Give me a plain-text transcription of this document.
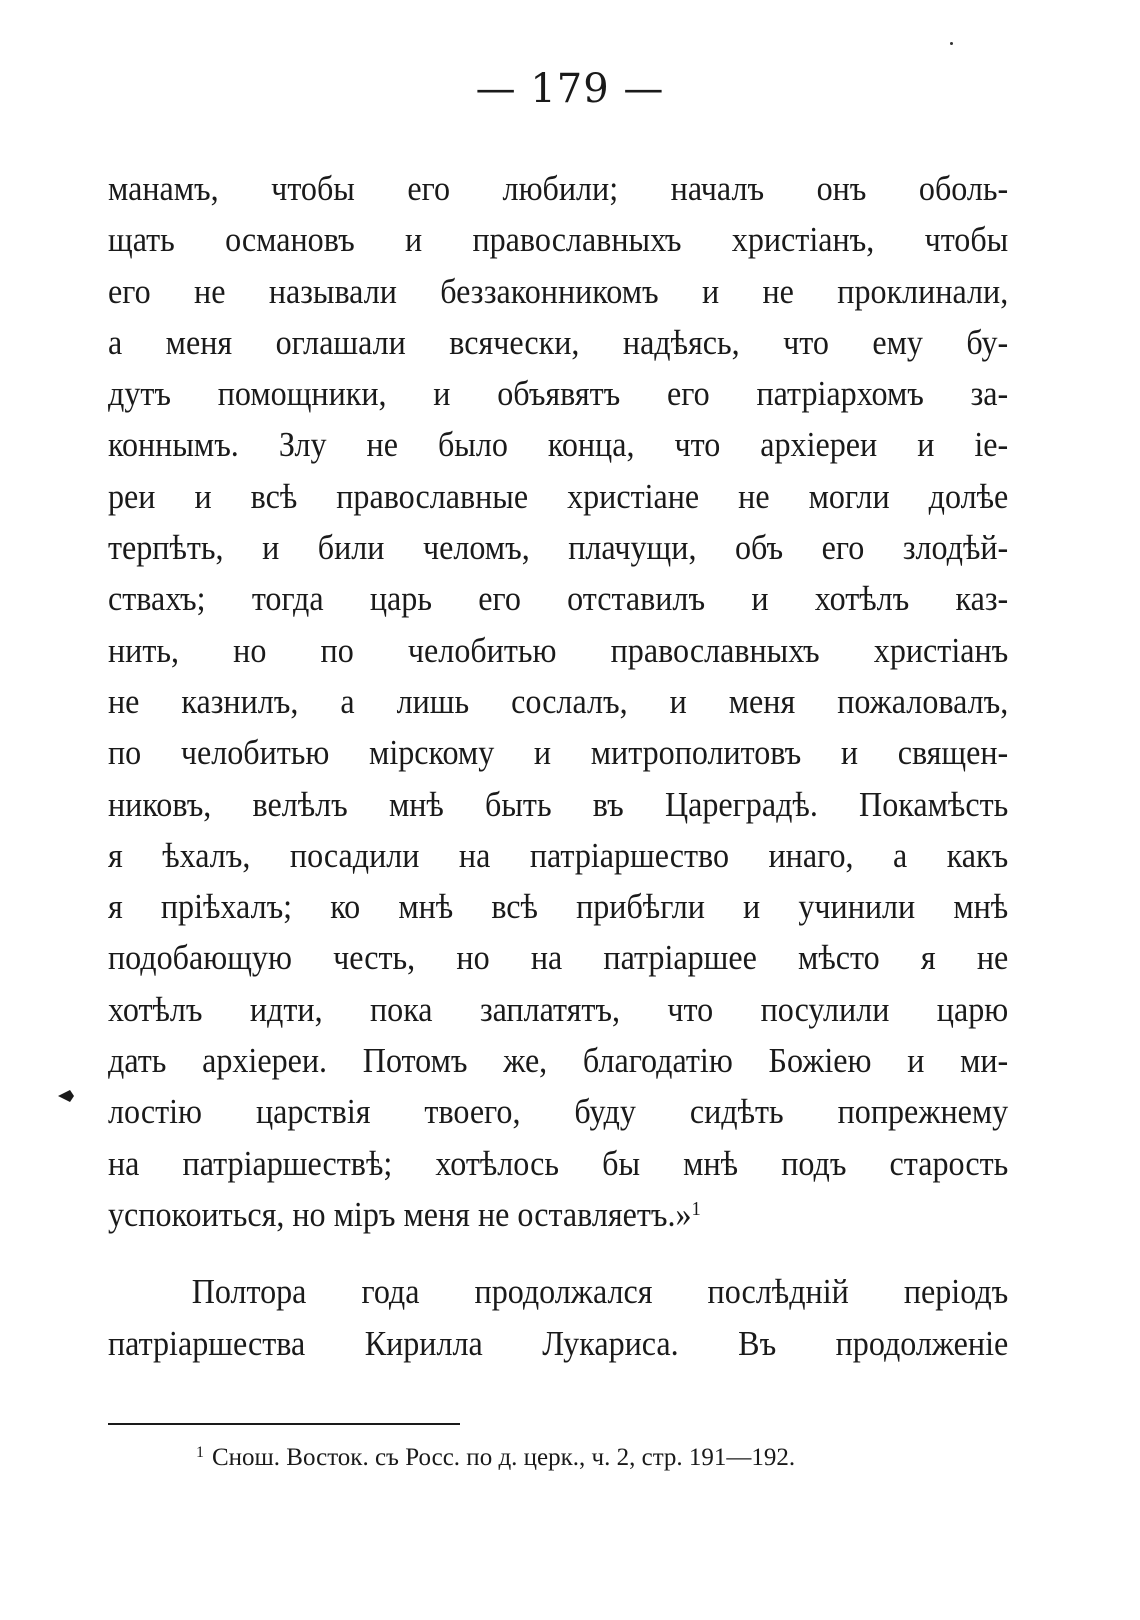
— 179 —
манамъ, чтобы его любили; началъ онъ оболь-
щать османовъ и православныхъ христіанъ, чтобы
его не называли беззаконникомъ и не проклинали,
а меня оглашали всячески, надѣясь, что ему бу-
дутъ помощники, и объявятъ его патріархомъ за-
коннымъ. Злу не было конца, что архіереи и іе-
реи и всѣ православные христіане не могли долѣе
терпѣть, и били челомъ, плачущи, объ его злодѣй-
ствахъ; тогда царь его отставилъ и хотѣлъ каз-
нить, но по челобитью православныхъ христіанъ
не казнилъ, а лишь сослалъ, и меня пожаловалъ,
по челобитью мірскому и митрополитовъ и священ-
никовъ, велѣлъ мнѣ быть въ Цареградѣ. Покамѣсть
я ѣхалъ, посадили на патріаршество инаго, а какъ
я пріѣхалъ; ко мнѣ всѣ прибѣгли и учинили мнѣ
подобающую честь, но на патріаршее мѣсто я не
хотѣлъ идти, пока заплатятъ, что посулили царю
дать архіереи. Потомъ же, благодатію Божіею и ми-
лостію царствія твоего, буду сидѣть попрежнему
на патріаршествѣ; хотѣлось бы мнѣ подъ старость
успокоиться, но міръ меня не оставляетъ.»$^1$
Полтора года продолжался послѣдній періодъ
патріаршества Кирилла Лукариса. Въ продолженіе
$^1$ Снош. Восток. съ Росс. по д. церк., ч. 2, стр. 191—192.
